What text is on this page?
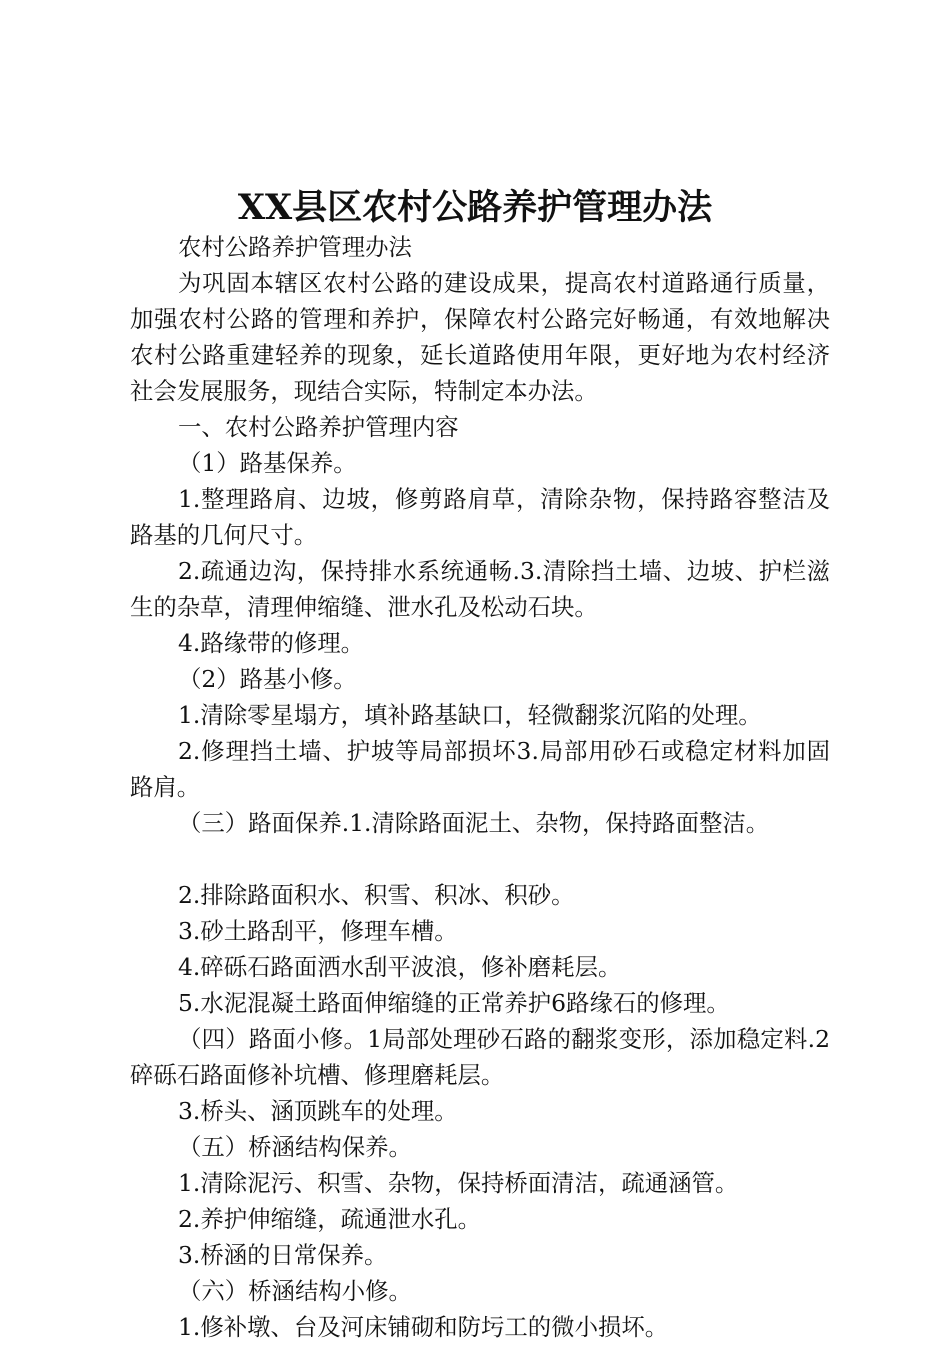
XX县区农村公路养护管理办法

农村公路养护管理办法

为巩固本辖区农村公路的建设成果，提高农村道路通行质量，加强农村公路的管理和养护，保障农村公路完好畅通，有效地解决农村公路重建轻养的现象，延长道路使用年限，更好地为农村经济社会发展服务，现结合实际，特制定本办法。

一、农村公路养护管理内容

（1）路基保养。

1.整理路肩、边坡，修剪路肩草，清除杂物，保持路容整洁及路基的几何尺寸。

2.疏通边沟，保持排水系统通畅.3.清除挡土墙、边坡、护栏滋生的杂草，清理伸缩缝、泄水孔及松动石块。

4.路缘带的修理。

（2）路基小修。

1.清除零星塌方，填补路基缺口，轻微翻浆沉陷的处理。

2.修理挡土墙、护坡等局部损坏3.局部用砂石或稳定材料加固路肩。

（三）路面保养.1.清除路面泥土、杂物，保持路面整洁。

2.排除路面积水、积雪、积冰、积砂。

3.砂土路刮平，修理车槽。

4.碎砾石路面洒水刮平波浪，修补磨耗层。

5.水泥混凝土路面伸缩缝的正常养护6路缘石的修理。

（四）路面小修。1局部处理砂石路的翻浆变形，添加稳定料.2碎砾石路面修补坑槽、修理磨耗层。

3.桥头、涵顶跳车的处理。

（五）桥涵结构保养。

1.清除泥污、积雪、杂物，保持桥面清洁，疏通涵管。

2.养护伸缩缝，疏通泄水孔。

3.桥涵的日常保养。

（六）桥涵结构小修。

1.修补墩、台及河床铺砌和防圬工的微小损坏。
